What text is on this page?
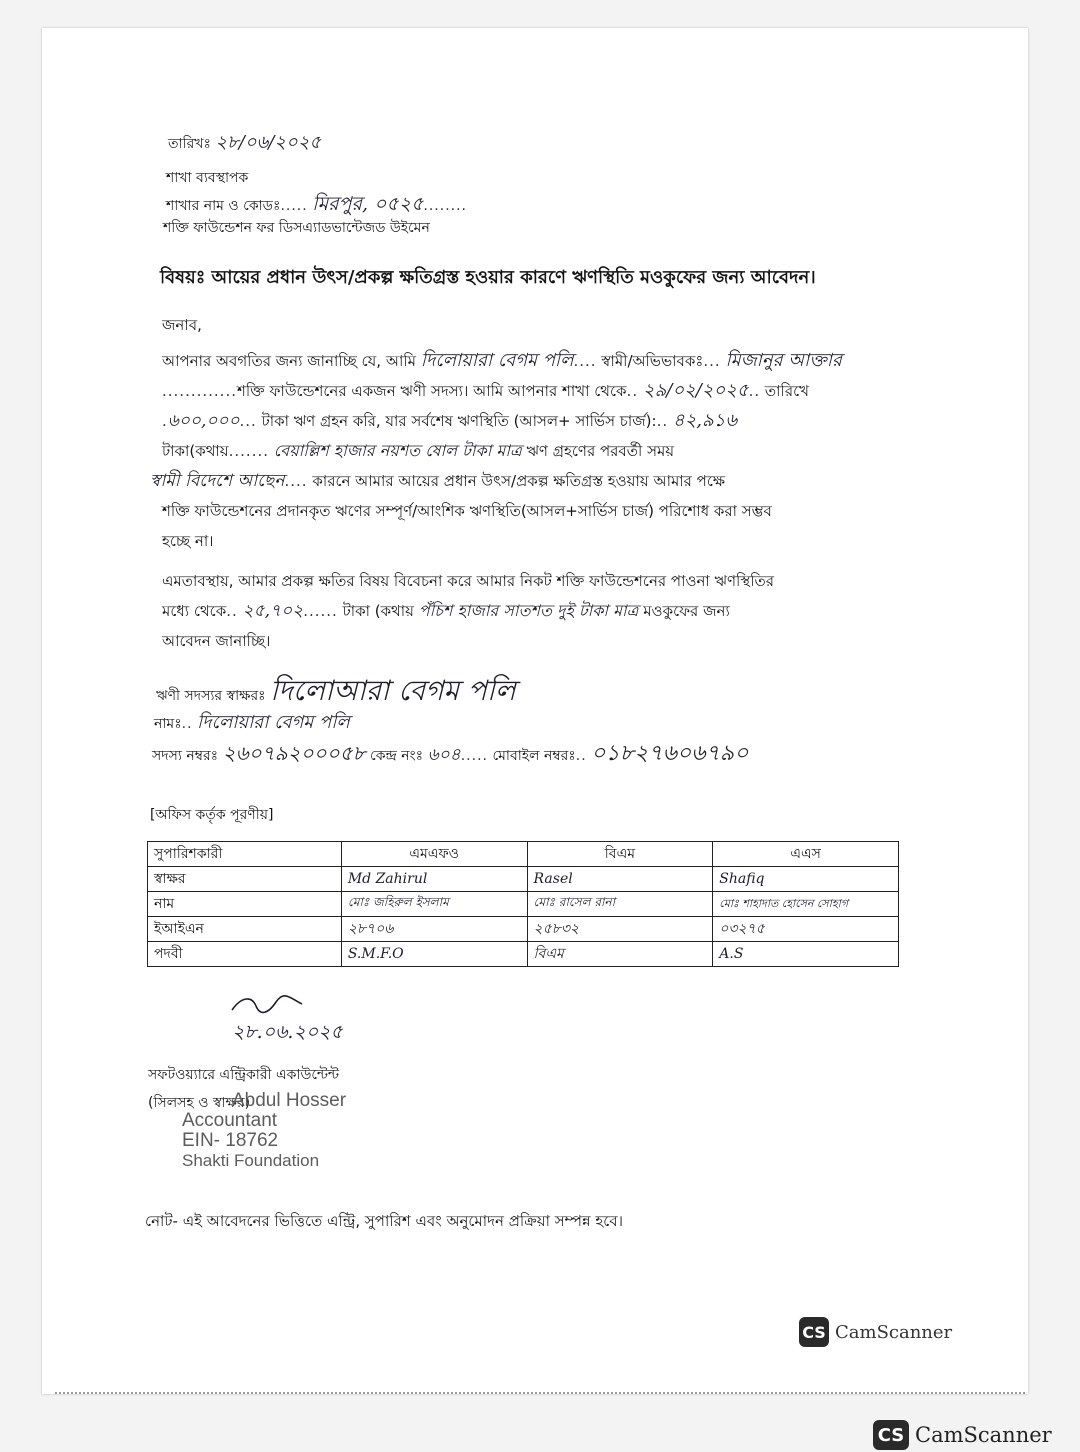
তারিখঃ ২৮/০৬/২০২৫
শাখা ব্যবস্থাপক
শাখার নাম ও কোডঃ..... মিরপুর, ০৫২৫........
শক্তি ফাউন্ডেশন ফর ডিসএ্যাডভান্টেজড উইমেন
বিষয়ঃ আয়ের প্রধান উৎস/প্রকল্প ক্ষতিগ্রস্ত হওয়ার কারণে ঋণস্থিতি মওকুফের জন্য আবেদন।
জনাব,
আপনার অবগতির জন্য জানাচ্ছি যে, আমি দিলোয়ারা বেগম পলি.... স্বামী/অভিভাবকঃ... মিজানুর আক্তার
.............শক্তি ফাউন্ডেশনের একজন ঋণী সদস্য। আমি আপনার শাখা থেকে.. ২৯/০২/২০২৫.. তারিখে
.৬০০,০০০... টাকা ঋণ গ্রহন করি, যার সর্বশেষ ঋণস্থিতি (আসল+ সার্ভিস চার্জ):.. ৪২,৯১৬
টাকা(কথায়....... বেয়াল্লিশ হাজার নয়শত ষোল টাকা মাত্র ঋণ গ্রহণের পরবর্তী সময়
স্বামী বিদেশে আছেন.... কারনে আমার আয়ের প্রধান উৎস/প্রকল্প ক্ষতিগ্রস্ত হওয়ায় আমার পক্ষে
শক্তি ফাউন্ডেশনের প্রদানকৃত ঋণের সম্পূর্ণ/আংশিক ঋণস্থিতি(আসল+সার্ভিস চার্জ) পরিশোধ করা সম্ভব
হচ্ছে না।
এমতাবস্থায়, আমার প্রকল্প ক্ষতির বিষয় বিবেচনা করে আমার নিকট শক্তি ফাউন্ডেশনের পাওনা ঋণস্থিতির
মধ্যে থেকে.. ২৫,৭০২...... টাকা (কথায় পঁচিশ হাজার সাতশত দুই টাকা মাত্র মওকুফের জন্য
আবেদন জানাচ্ছি।
ঋণী সদস্যর স্বাক্ষরঃ দিলোআরা বেগম পলি
নামঃ.. দিলোয়ারা বেগম পলি
সদস্য নম্বরঃ ২৬০৭৯২০০০৫৮ কেন্দ্র নংঃ ৬০৪..... মোবাইল নম্বরঃ.. ০১৮২৭৬০৬৭৯০
[অফিস কর্তৃক পূরণীয়]
সুপারিশকারী	এমএফও	বিএম	এএস
স্বাক্ষর	Md Zahirul	Rasel	Shafiq
নাম	মোঃ জহিরুল ইসলাম	মোঃ রাসেল রানা	মোঃ শাহাদাত হোসেন সোহাগ
ইআইএন	২৮৭০৬	২৫৮৩২	০৩২৭৫
পদবী	S.M.F.O	বিএম	A.S
২৮.০৬.২০২৫
সফটওয়্যারে এন্ট্রিকারী একাউন্টেন্ট
(সিলসহ ও স্বাক্ষর)
Abdul Hosser
Accountant
EIN- 18762
Shakti Foundation
নোট- এই আবেদনের ভিত্তিতে এন্ট্রি, সুপারিশ এবং অনুমোদন প্রক্রিয়া সম্পন্ন হবে।
CS CamScanner
CS CamScanner
